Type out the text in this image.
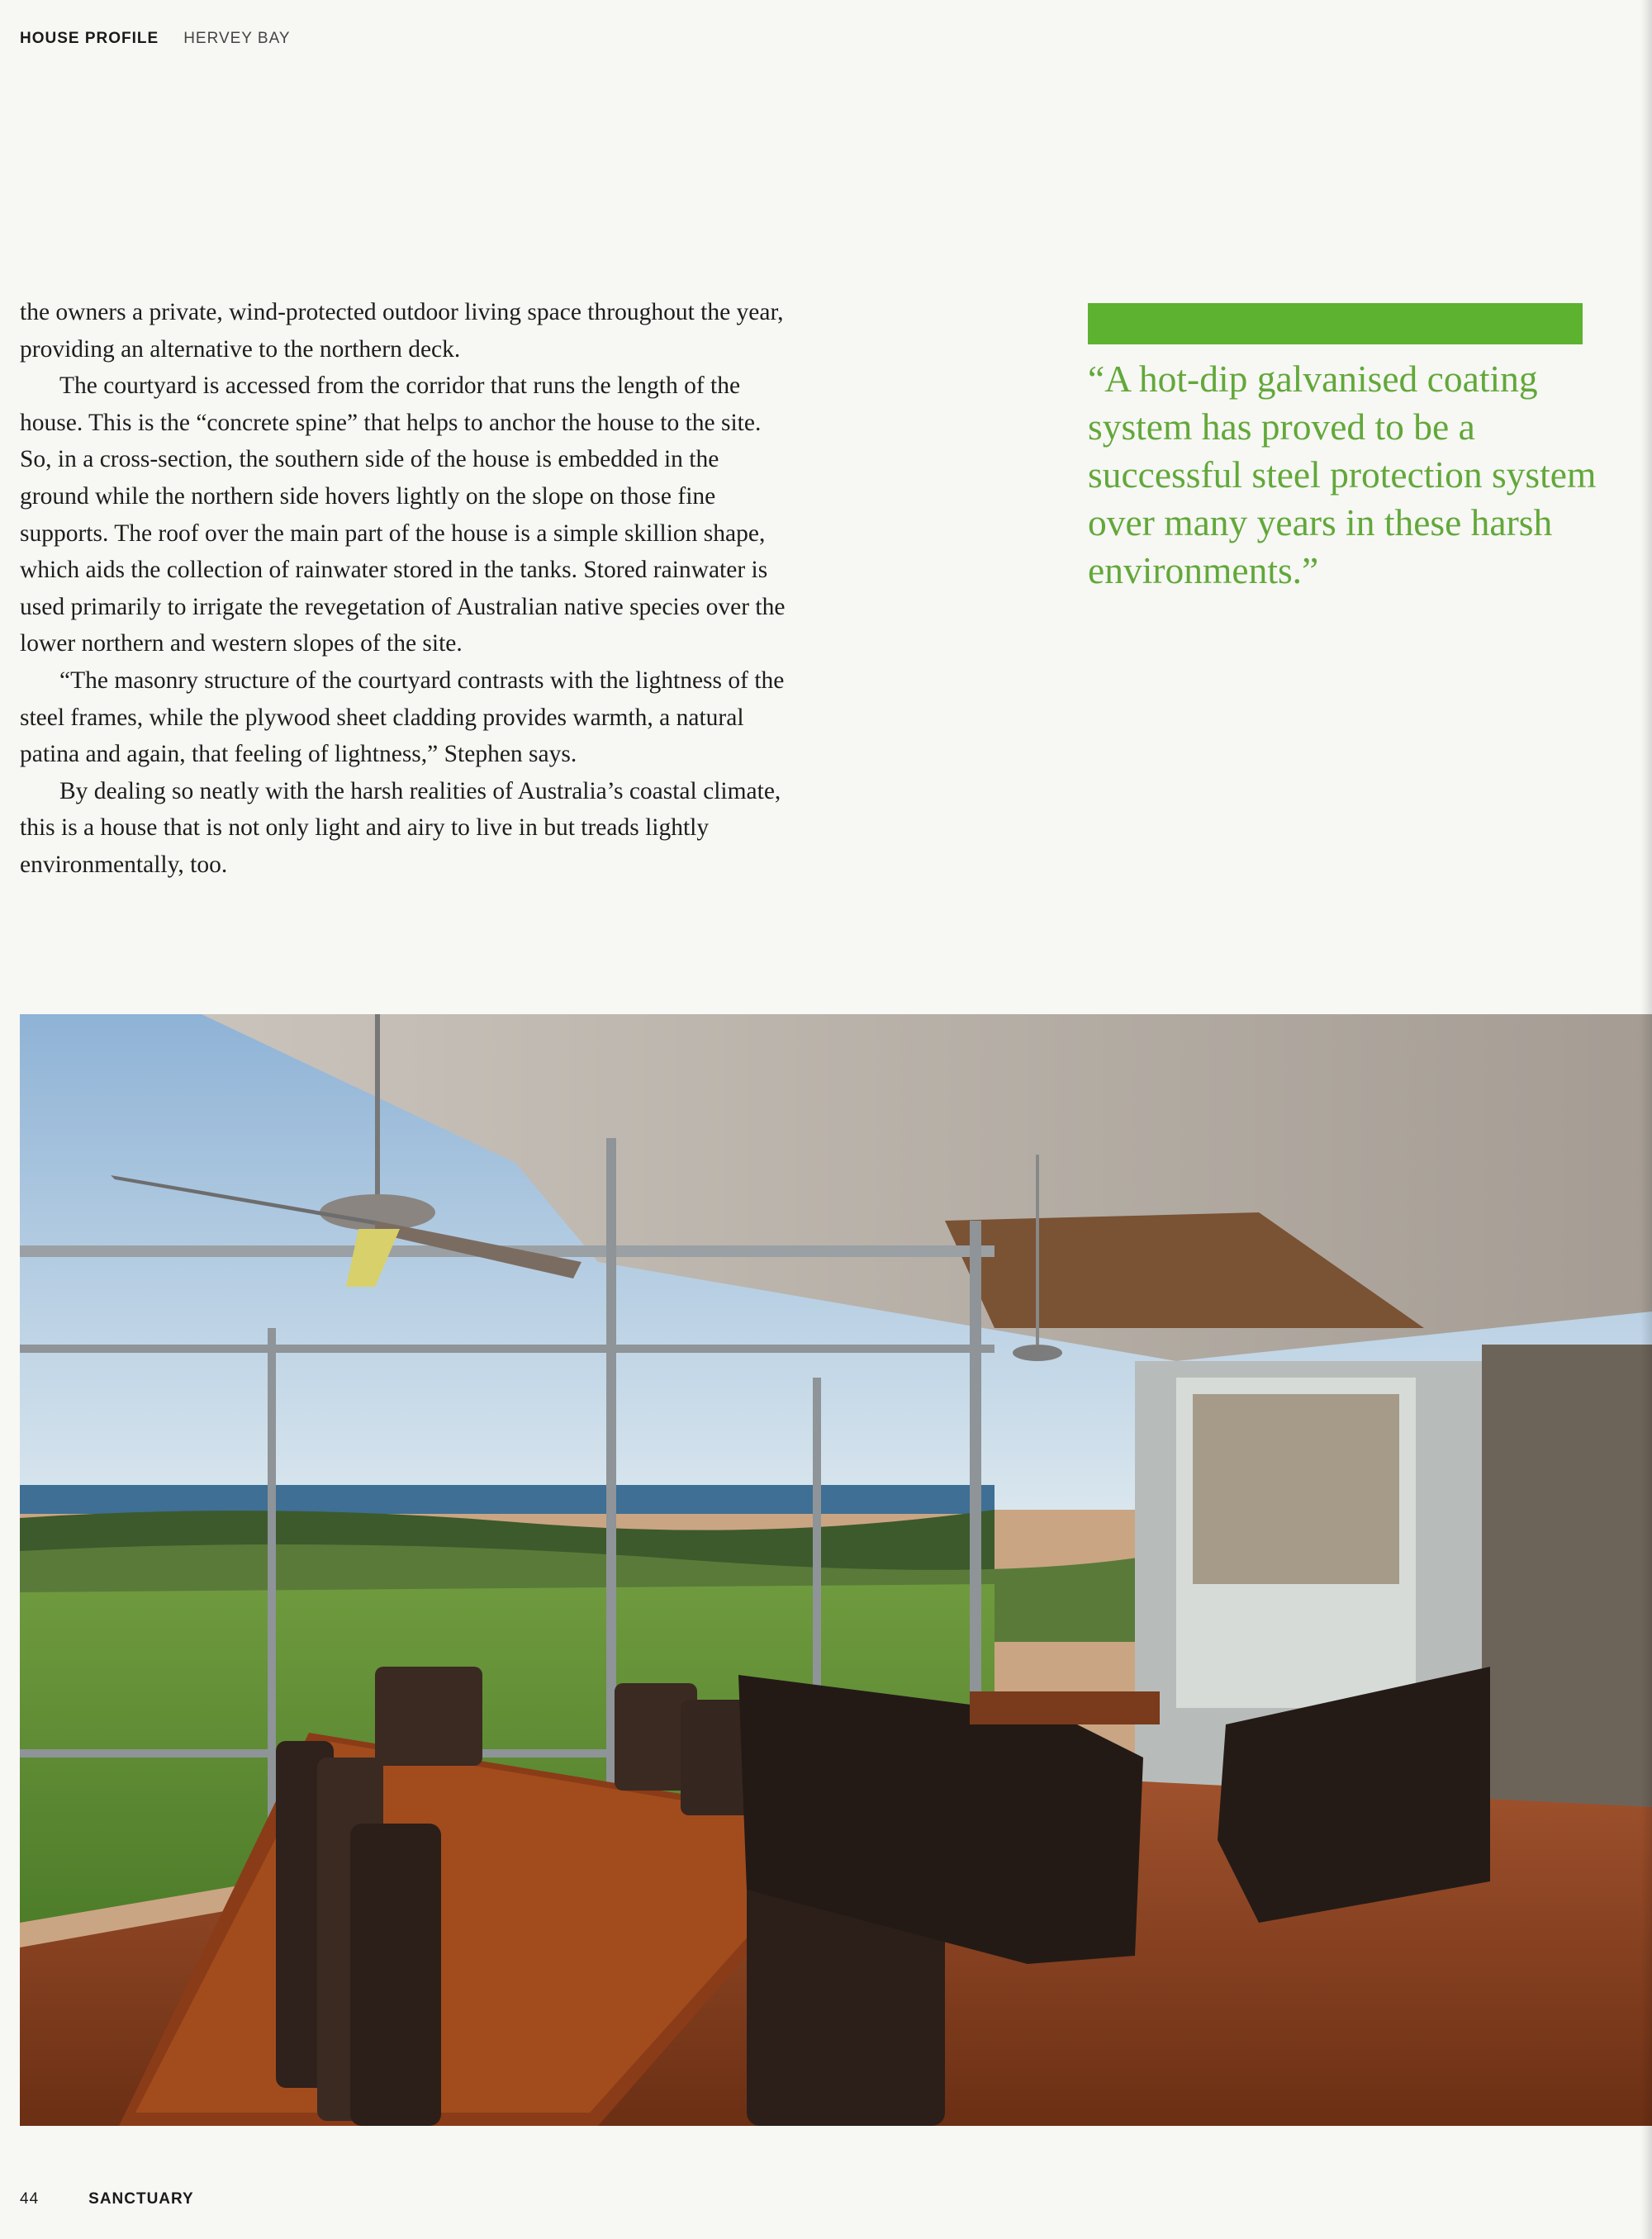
HOUSE PROFILE HERVEY BAY

the owners a private, wind-protected outdoor living space throughout the year, providing an alternative to the northern deck.

The courtyard is accessed from the corridor that runs the length of the house. This is the “concrete spine” that helps to anchor the house to the site. So, in a cross-section, the southern side of the house is embedded in the ground while the northern side hovers lightly on the slope on those fine supports. The roof over the main part of the house is a simple skillion shape, which aids the collection of rainwater stored in the tanks. Stored rainwater is used primarily to irrigate the revegetation of Australian native species over the lower northern and western slopes of the site.

“The masonry structure of the courtyard contrasts with the lightness of the steel frames, while the plywood sheet cladding provides warmth, a natural patina and again, that feeling of lightness,” Stephen says.

By dealing so neatly with the harsh realities of Australia’s coastal climate, this is a house that is not only light and airy to live in but treads lightly environmentally, too.

“A hot-dip galvanised coating system has proved to be a successful steel protection system over many years in these harsh environments.”

44	SANCTUARY
